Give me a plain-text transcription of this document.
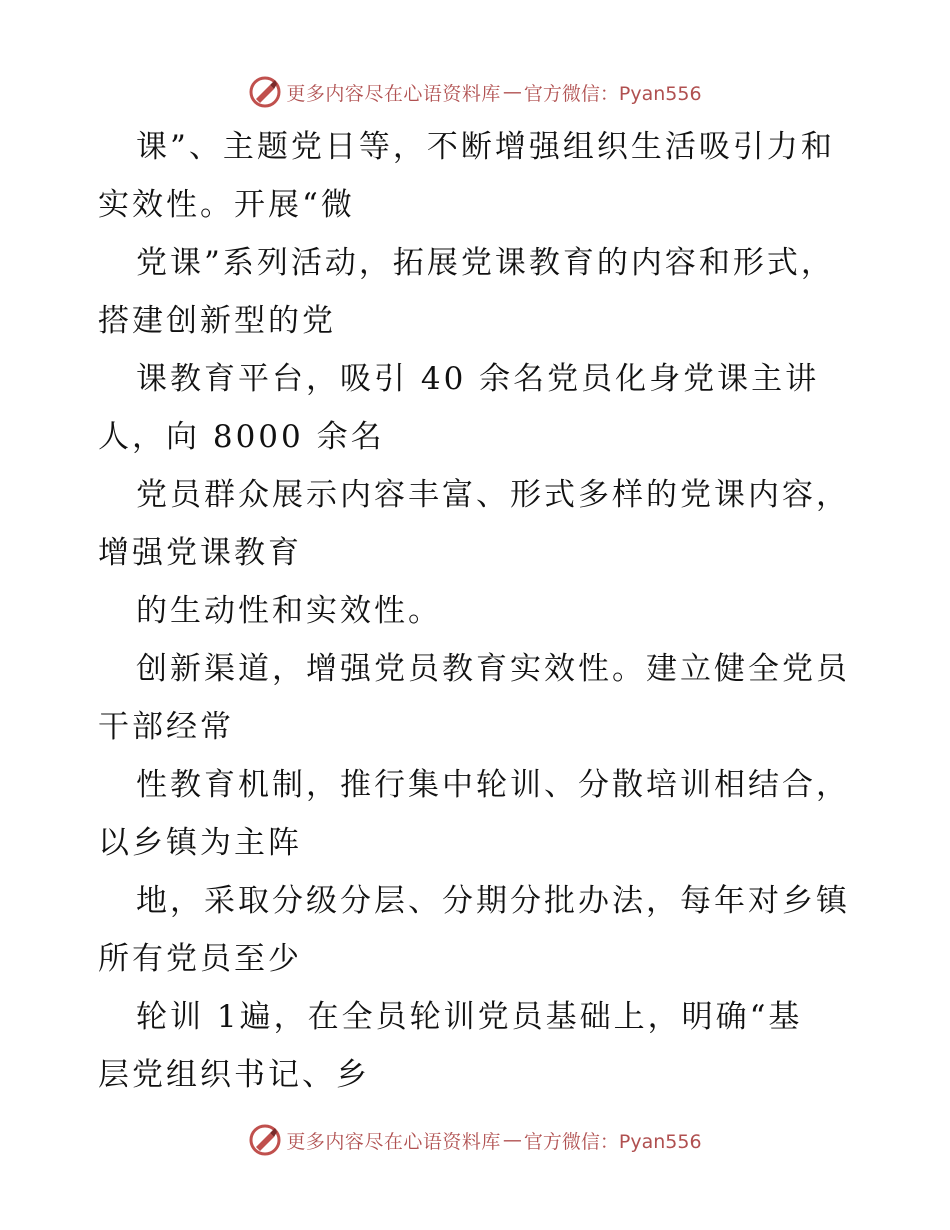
更多内容尽在心语资料库 — 官方微信：Pyan556

课”、主题党日等，不断增强组织生活吸引力和

实效性。开展“微

党课”系列活动，拓展党课教育的内容和形式，

搭建创新型的党

课教育平台，吸引 40 余名党员化身党课主讲

人，向 8000 余名

党员群众展示内容丰富、形式多样的党课内容，

增强党课教育

的生动性和实效性。

创新渠道，增强党员教育实效性。建立健全党员

干部经常

性教育机制，推行集中轮训、分散培训相结合，

以乡镇为主阵

地，采取分级分层、分期分批办法，每年对乡镇

所有党员至少

轮训 1遍，在全员轮训党员基础上，明确“基

层党组织书记、乡

更多内容尽在心语资料库 — 官方微信：Pyan556
